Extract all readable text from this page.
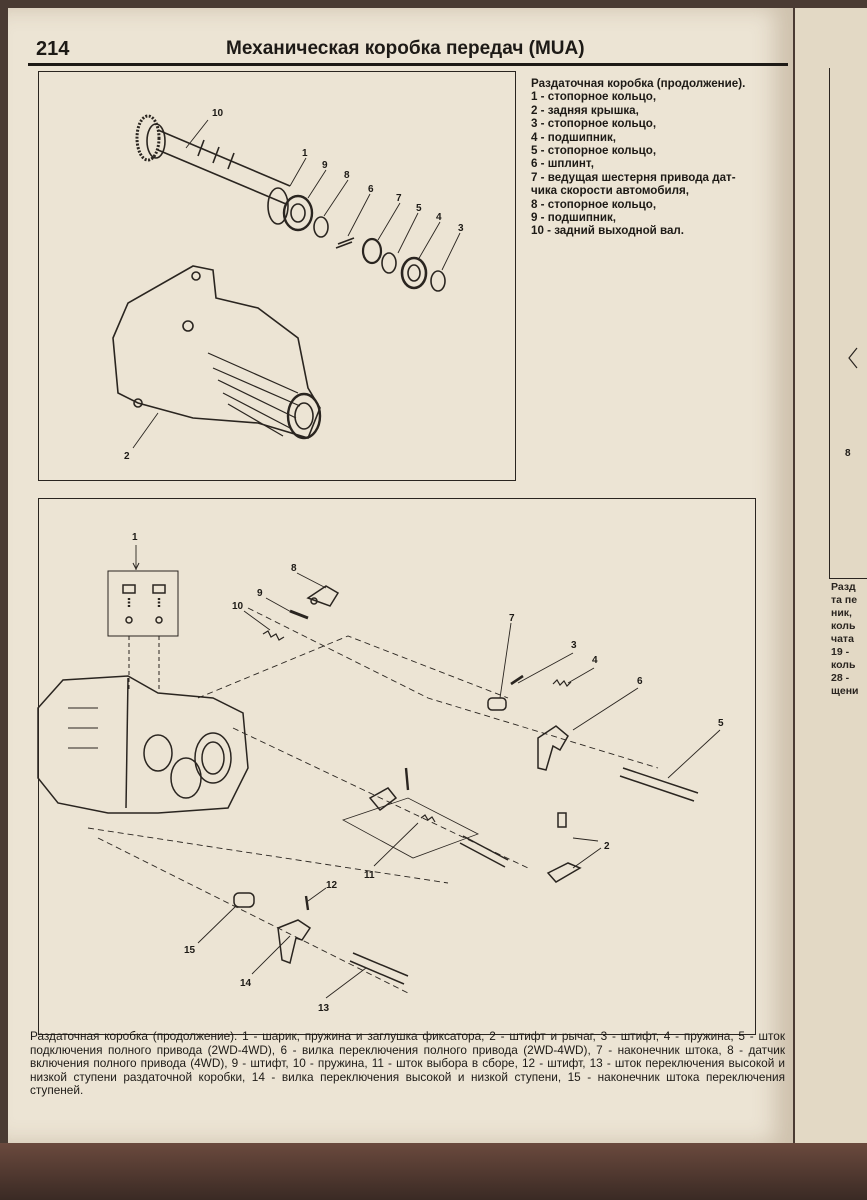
214	Механическая коробка передач (MUA)
10
1
9
8
6
7
5
4
3
2
Раздаточная коробка (продолжение).
1 - стопорное кольцо,
2 - задняя крышка,
3 - стопорное кольцо,
4 - подшипник,
5 - стопорное кольцо,
6 - шплинт,
7 - ведущая шестерня привода дат-
чика скорости автомобиля,
8 - стопорное кольцо,
9 - подшипник,
10 - задний выходной вал.
1
8
9
10
7
3
4
6
5
2
11
12
15
14
13
Раздаточная коробка (продолжение). 1 - шарик, пружина и заглушка фиксатора, 2 - штифт и рычаг, 3 - штифт, 4 - пружина, 5 - шток подключения полного привода (2WD-4WD), 6 - вилка переключения полного привода (2WD-4WD), 7 - наконечник штока, 8 - датчик включения полного привода (4WD), 9 - штифт, 10 - пружина, 11 - шток выбора в сборе, 12 - штифт, 13 - шток переключения высокой и низкой ступени раздаточной коробки, 14 - вилка переключения высокой и низкой ступени, 15 - наконечник штока переключения ступеней.
8
Разд
та пе
ник,
коль
чата
19 -
коль
28 -
щени
